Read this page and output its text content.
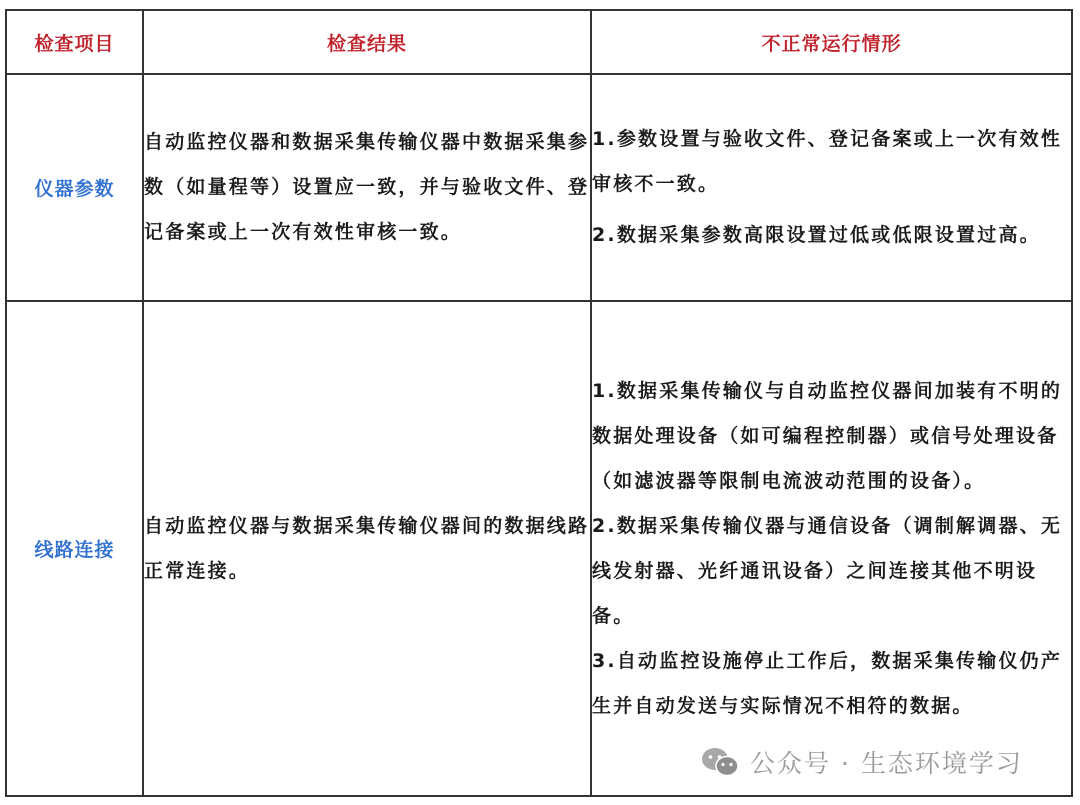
检查项目	检查结果	不正常运行情形
仪器参数	自动监控仪器和数据采集传输仪器中数据采集参数（如量程等）设置应一致，并与验收文件、登记备案或上一次有效性审核一致。	1.参数设置与验收文件、登记备案或上一次有效性审核不一致。

2.数据采集参数高限设置过低或低限设置过高。

线路连接	自动监控仪器与数据采集传输仪器间的数据线路正常连接。	1.数据采集传输仪与自动监控仪器间加装有不明的数据处理设备（如可编程控制器）或信号处理设备（如滤波器等限制电流波动范围的设备）。

2.数据采集传输仪器与通信设备（调制解调器、无线发射器、光纤通讯设备）之间连接其他不明设备。

3.自动监控设施停止工作后，数据采集传输仪仍产生并自动发送与实际情况不相符的数据。

公众号 · 生态环境学习
